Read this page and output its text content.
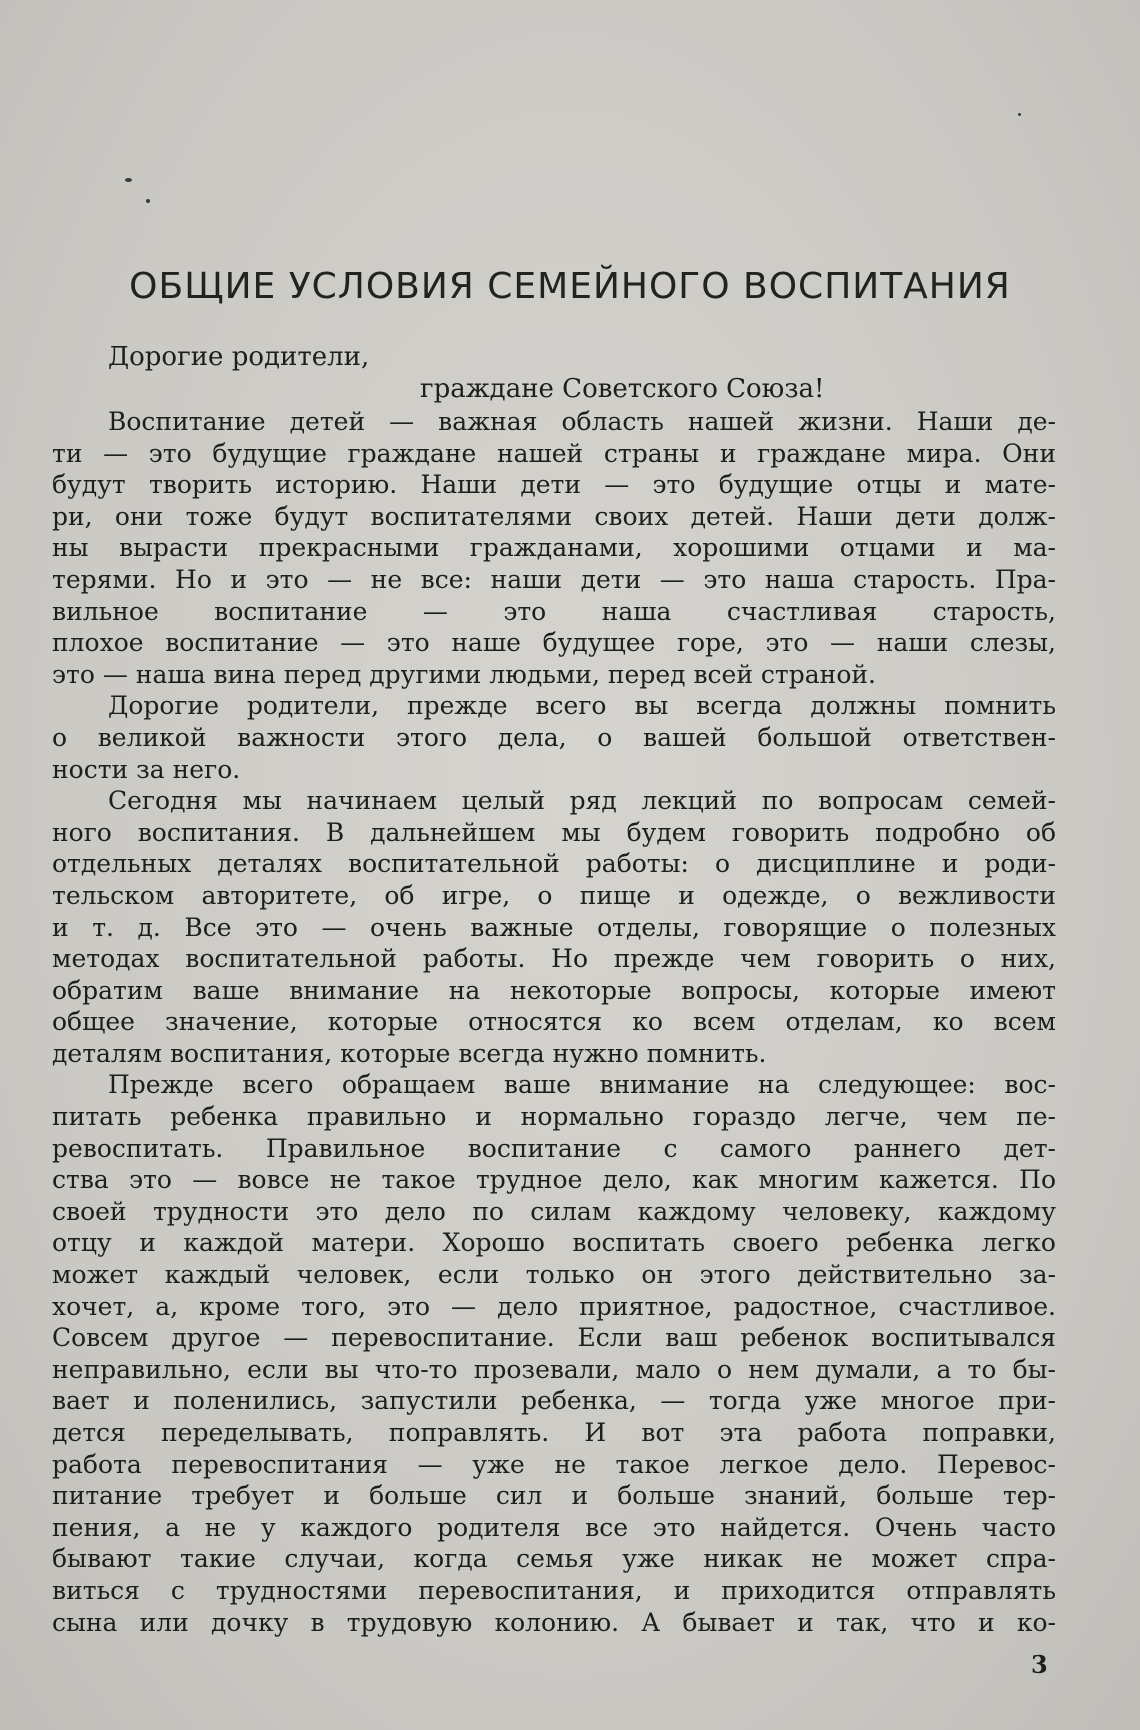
ОБЩИЕ УСЛОВИЯ СЕМЕЙНОГО ВОСПИТАНИЯ
Дорогие родители,
граждане Советского Союза!
Воспитание детей — важная область нашей жизни. Наши де-
ти — это будущие граждане нашей страны и граждане мира. Они
будут творить историю. Наши дети — это будущие отцы и мате-
ри, они тоже будут воспитателями своих детей. Наши дети долж-
ны вырасти прекрасными гражданами, хорошими отцами и ма-
терями. Но и это — не все: наши дети — это наша старость. Пра-
вильное воспитание — это наша счастливая старость,
плохое воспитание — это наше будущее горе, это — наши слезы,
это — наша вина перед другими людьми, перед всей страной.
Дорогие родители, прежде всего вы всегда должны помнить
о великой важности этого дела, о вашей большой ответствен-
ности за него.
Сегодня мы начинаем целый ряд лекций по вопросам семей-
ного воспитания. В дальнейшем мы будем говорить подробно об
отдельных деталях воспитательной работы: о дисциплине и роди-
тельском авторитете, об игре, о пище и одежде, о вежливости
и т. д. Все это — очень важные отделы, говорящие о полезных
методах воспитательной работы. Но прежде чем говорить о них,
обратим ваше внимание на некоторые вопросы, которые имеют
общее значение, которые относятся ко всем отделам, ко всем
деталям воспитания, которые всегда нужно помнить.
Прежде всего обращаем ваше внимание на следующее: вос-
питать ребенка правильно и нормально гораздо легче, чем пе-
ревоспитать. Правильное воспитание с самого раннего дет-
ства это — вовсе не такое трудное дело, как многим кажется. По
своей трудности это дело по силам каждому человеку, каждому
отцу и каждой матери. Хорошо воспитать своего ребенка легко
может каждый человек, если только он этого действительно за-
хочет, а, кроме того, это — дело приятное, радостное, счастливое.
Совсем другое — перевоспитание. Если ваш ребенок воспитывался
неправильно, если вы что-то прозевали, мало о нем думали, а то бы-
вает и поленились, запустили ребенка, — тогда уже многое при-
дется переделывать, поправлять. И вот эта работа поправки,
работа перевоспитания — уже не такое легкое дело. Перевос-
питание требует и больше сил и больше знаний, больше тер-
пения, а не у каждого родителя все это найдется. Очень часто
бывают такие случаи, когда семья уже никак не может спра-
виться с трудностями перевоспитания, и приходится отправлять
сына или дочку в трудовую колонию. А бывает и так, что и ко-
3
